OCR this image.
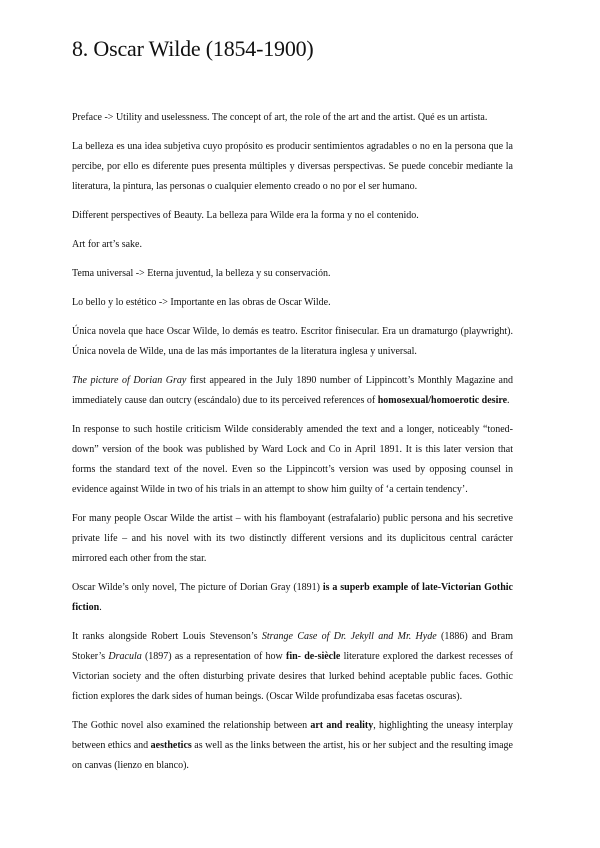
8. Oscar Wilde (1854-1900)

Preface -> Utility and uselessness. The concept of art, the role of the art and the artist. Qué es un artista.

La belleza es una idea subjetiva cuyo propósito es producir sentimientos agradables o no en la persona que la percibe, por ello es diferente pues presenta múltiples y diversas perspectivas. Se puede concebir mediante la literatura, la pintura, las personas o cualquier elemento creado o no por el ser humano.

Different perspectives of Beauty. La belleza para Wilde era la forma y no el contenido.

Art for art’s sake.

Tema universal -> Eterna juventud, la belleza y su conservación.

Lo bello y lo estético -> Importante en las obras de Oscar Wilde.

Única novela que hace Oscar Wilde, lo demás es teatro. Escritor finisecular. Era un dramaturgo (playwright). Única novela de Wilde, una de las más importantes de la literatura inglesa y universal.

The picture of Dorian Gray first appeared in the July 1890 number of Lippincott’s Monthly Magazine and immediately cause dan outcry (escándalo) due to its perceived references of homosexual/homoerotic desire.

In response to such hostile criticism Wilde considerably amended the text and a longer, noticeably “toned-down” version of the book was published by Ward Lock and Co in April 1891. It is this later version that forms the standard text of the novel. Even so the Lippincott’s version was used by opposing counsel in evidence against Wilde in two of his trials in an attempt to show him guilty of ‘a certain tendency’.

For many people Oscar Wilde the artist – with his flamboyant (estrafalario) public persona and his secretive private life – and his novel with its two distinctly different versions and its duplicitous central carácter mirrored each other from the star.

Oscar Wilde’s only novel, The picture of Dorian Gray (1891) is a superb example of late-Victorian Gothic fiction.

It ranks alongside Robert Louis Stevenson’s Strange Case of Dr. Jekyll and Mr. Hyde (1886) and Bram Stoker’s Dracula (1897) as a representation of how fin- de-siècle literature explored the darkest recesses of Victorian society and the often disturbing private desires that lurked behind aceptable public faces. Gothic fiction explores the dark sides of human beings. (Oscar Wilde profundizaba esas facetas oscuras).

The Gothic novel also examined the relationship between art and reality, highlighting the uneasy interplay between ethics and aesthetics as well as the links between the artist, his or her subject and the resulting image on canvas (lienzo en blanco).
